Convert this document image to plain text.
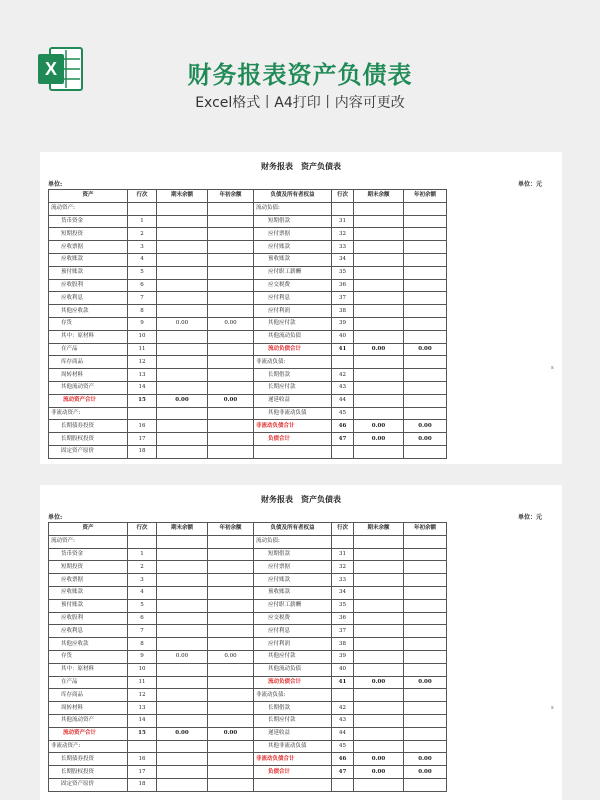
X	财务报表资产负债表
Excel格式丨A4打印丨内容可更改
财务报表　资产负债表
单位:	单位：元
资产	行次	期末余额	年初余额	负债及所有者权益	行次	期末余额	年初余额
流动资产:				流动负债:			
货币资金	1			短期借款	31		
短期投资	2			应付票据	32		
应收票据	3			应付账款	33		
应收账款	4			预收账款	34		
预付账款	5			应付职工薪酬	35		
应收股利	6			应交税费	36		
应收利息	7			应付利息	37		
其他应收款	8			应付利润	38		
存货	9	0.00	0.00	其他应付款	39		
其中：原材料	10			其他流动负债	40		
在产品	11			流动负债合计	41	0.00	0.00
库存商品	12			非流动负债:			
周转材料	13			长期借款	42		
其他流动资产	14			长期应付款	43		
流动资产合计	15	0.00	0.00	递延收益	44		
非流动资产:				其他非流动负债	45		
长期债券投资	16			非流动负债合计	46	0.00	0.00
长期股权投资	17			负债合计	47	0.00	0.00
固定资产原价	18						
s
财务报表　资产负债表
单位:	单位：元
资产	行次	期末余额	年初余额	负债及所有者权益	行次	期末余额	年初余额
流动资产:				流动负债:			
货币资金	1			短期借款	31		
短期投资	2			应付票据	32		
应收票据	3			应付账款	33		
应收账款	4			预收账款	34		
预付账款	5			应付职工薪酬	35		
应收股利	6			应交税费	36		
应收利息	7			应付利息	37		
其他应收款	8			应付利润	38		
存货	9	0.00	0.00	其他应付款	39		
其中：原材料	10			其他流动负债	40		
在产品	11			流动负债合计	41	0.00	0.00
库存商品	12			非流动负债:			
周转材料	13			长期借款	42		
其他流动资产	14			长期应付款	43		
流动资产合计	15	0.00	0.00	递延收益	44		
非流动资产:				其他非流动负债	45		
长期债券投资	16			非流动负债合计	46	0.00	0.00
长期股权投资	17			负债合计	47	0.00	0.00
固定资产原价	18						
s
